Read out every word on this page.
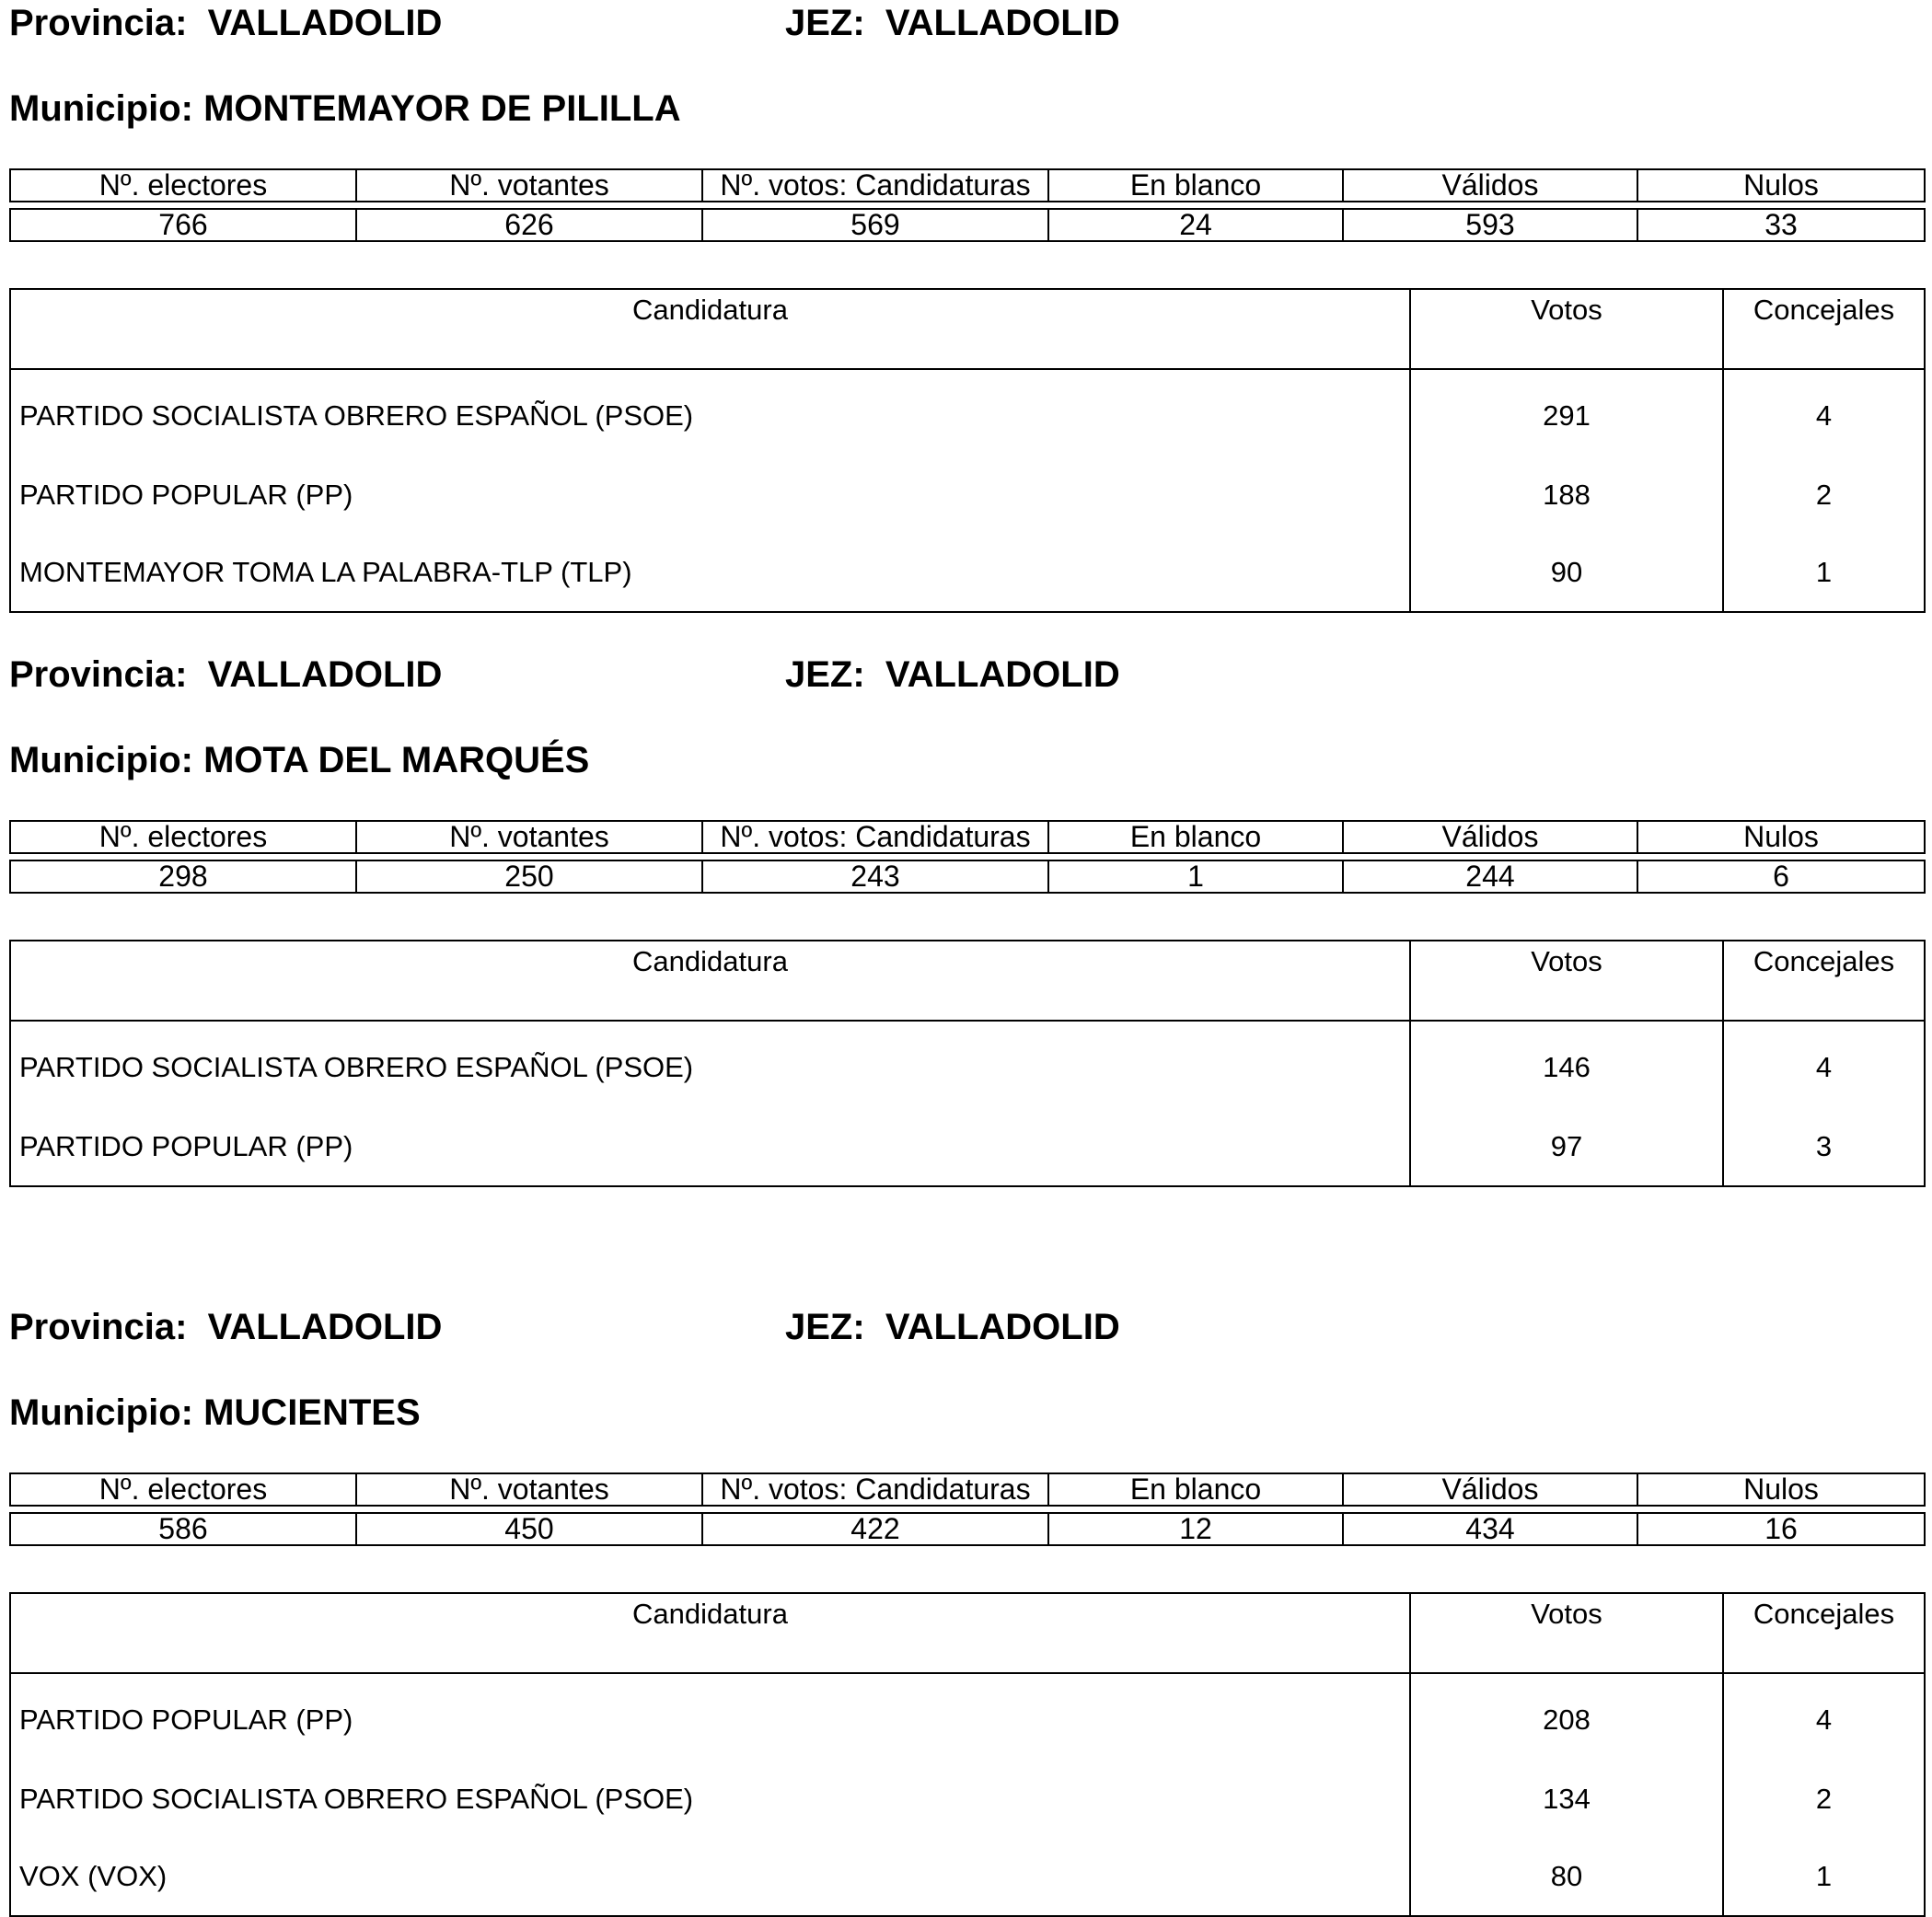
Provincia: VALLADOLID	JEZ: VALLADOLID
Municipio: MONTEMAYOR DE PILILLA
Nº. electores	Nº. votantes	Nº. votos: Candidaturas	En blanco	Válidos	Nulos
766	626	569	24	593	33
Candidatura	Votos	Concejales
PARTIDO SOCIALISTA OBRERO ESPAÑOL (PSOE)	291	4
PARTIDO POPULAR (PP)	188	2
MONTEMAYOR TOMA LA PALABRA-TLP (TLP)	90	1
Provincia: VALLADOLID	JEZ: VALLADOLID
Municipio: MOTA DEL MARQUÉS
Nº. electores	Nº. votantes	Nº. votos: Candidaturas	En blanco	Válidos	Nulos
298	250	243	1	244	6
Candidatura	Votos	Concejales
PARTIDO SOCIALISTA OBRERO ESPAÑOL (PSOE)	146	4
PARTIDO POPULAR (PP)	97	3
Provincia: VALLADOLID	JEZ: VALLADOLID
Municipio: MUCIENTES
Nº. electores	Nº. votantes	Nº. votos: Candidaturas	En blanco	Válidos	Nulos
586	450	422	12	434	16
Candidatura	Votos	Concejales
PARTIDO POPULAR (PP)	208	4
PARTIDO SOCIALISTA OBRERO ESPAÑOL (PSOE)	134	2
VOX (VOX)	80	1
